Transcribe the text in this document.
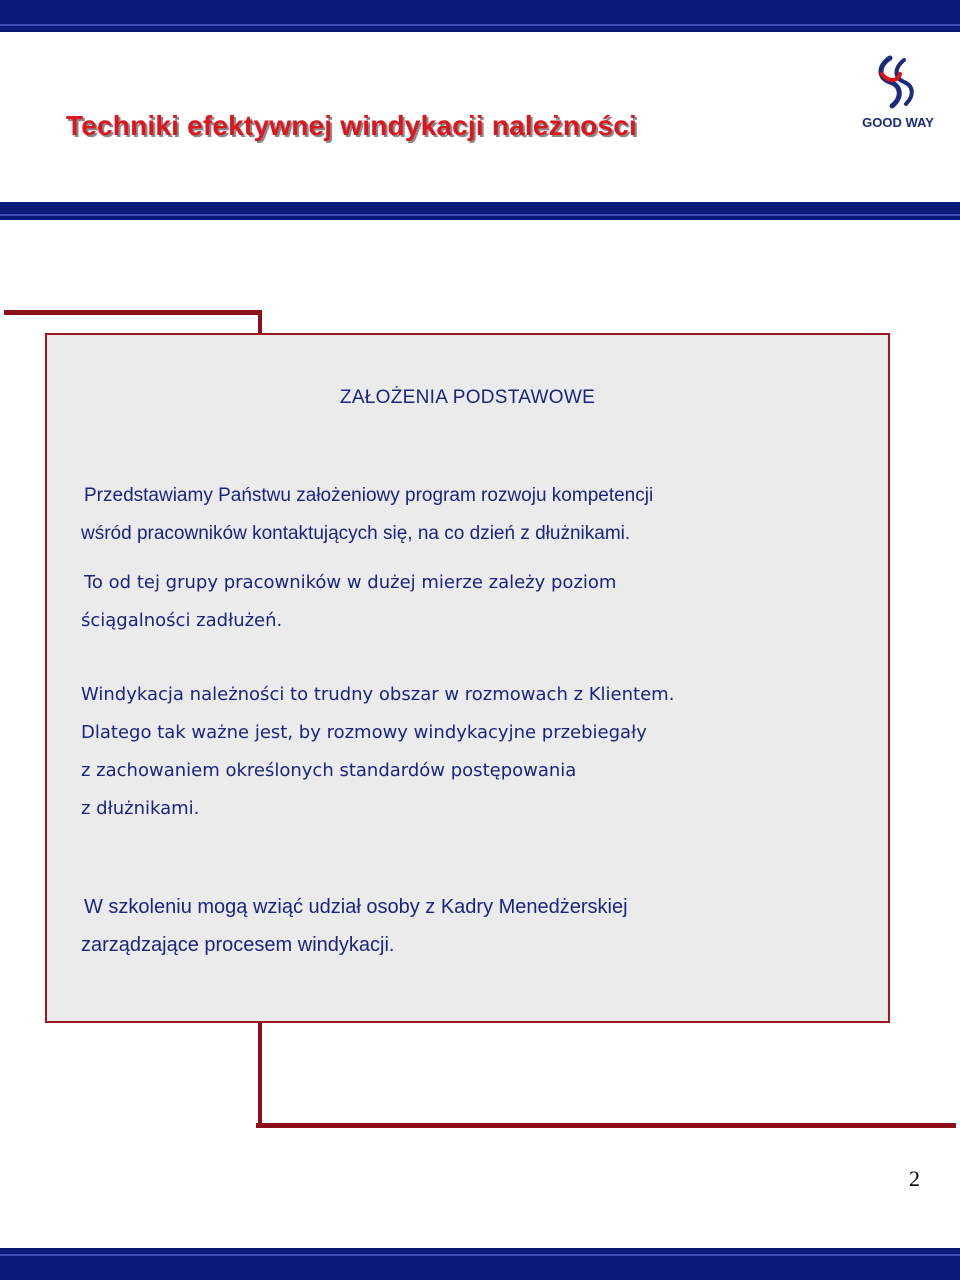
Techniki efektywnej windykacji należności	GOOD WAY
ZAŁOŻENIA PODSTAWOWE
Przedstawiamy Państwu założeniowy program rozwoju kompetencji
wśród pracowników kontaktujących się, na co dzień z dłużnikami.
To od tej grupy pracowników w dużej mierze zależy poziom
ściągalności zadłużeń.
Windykacja należności to trudny obszar w rozmowach z Klientem.
Dlatego tak ważne jest, by rozmowy windykacyjne przebiegały
z zachowaniem określonych standardów postępowania
z dłużnikami.
W szkoleniu mogą wziąć udział osoby z Kadry Menedżerskiej
zarządzające procesem windykacji.
2
